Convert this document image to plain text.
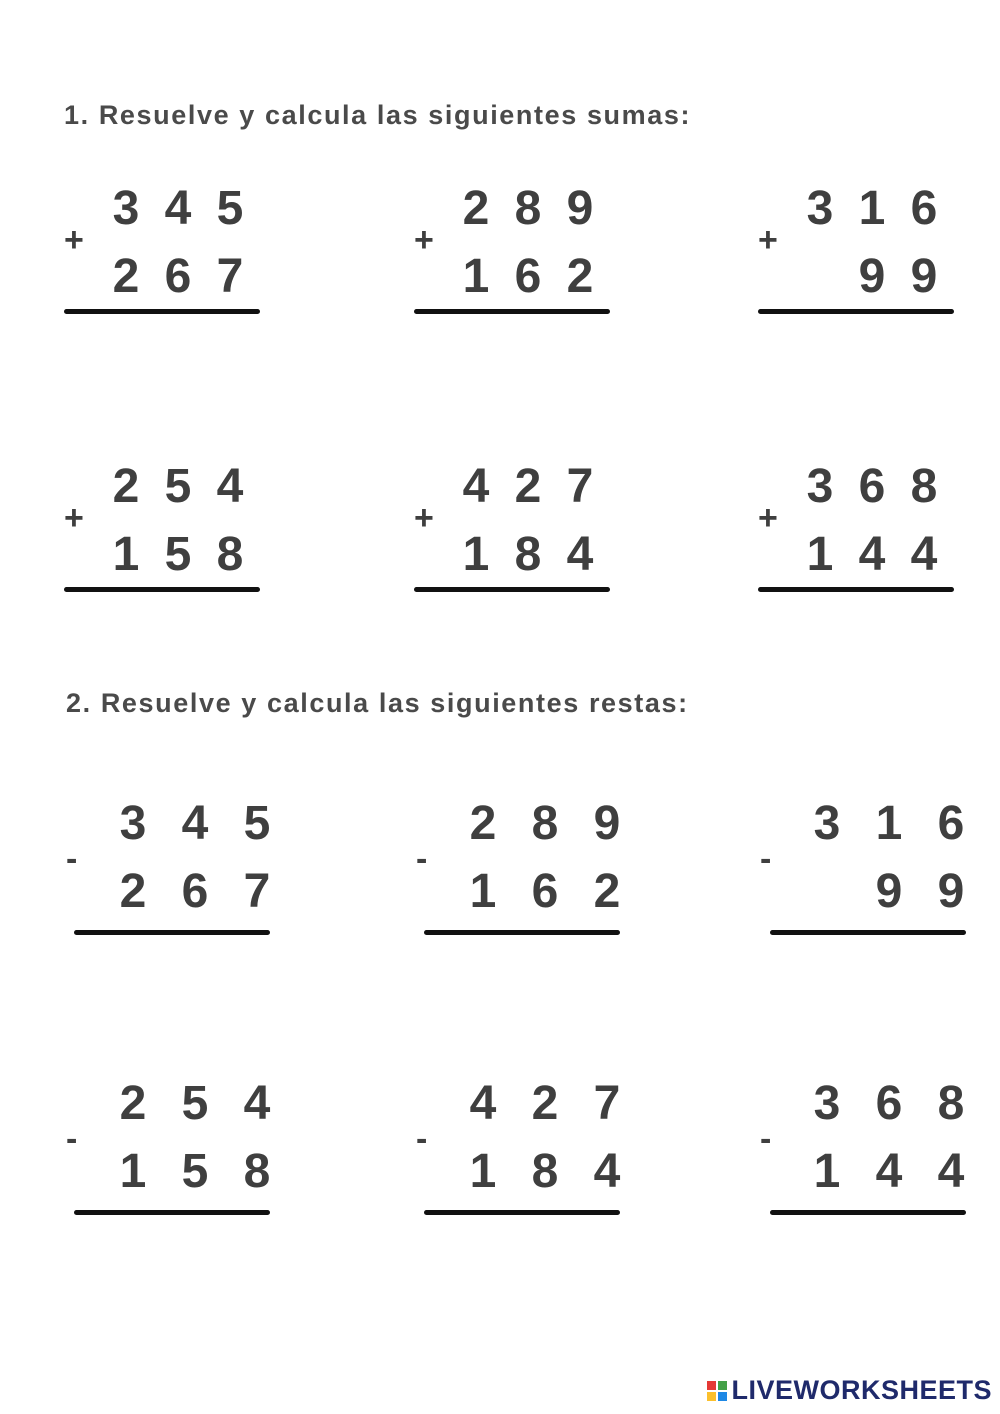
1. Resuelve y calcula las siguientes sumas:
2. Resuelve y calcula las siguientes restas:
+
3 4 5
2 6 7
+
2 8 9
1 6 2
+
3 1 6
9 9
+
2 5 4
1 5 8
+
4 2 7
1 8 4
+
3 6 8
1 4 4
-
3 4 5
2 6 7
-
2 8 9
1 6 2
-
3 1 6
9 9
-
2 5 4
1 5 8
-
4 2 7
1 8 4
-
3 6 8
1 4 4
LIVEWORKSHEETS
